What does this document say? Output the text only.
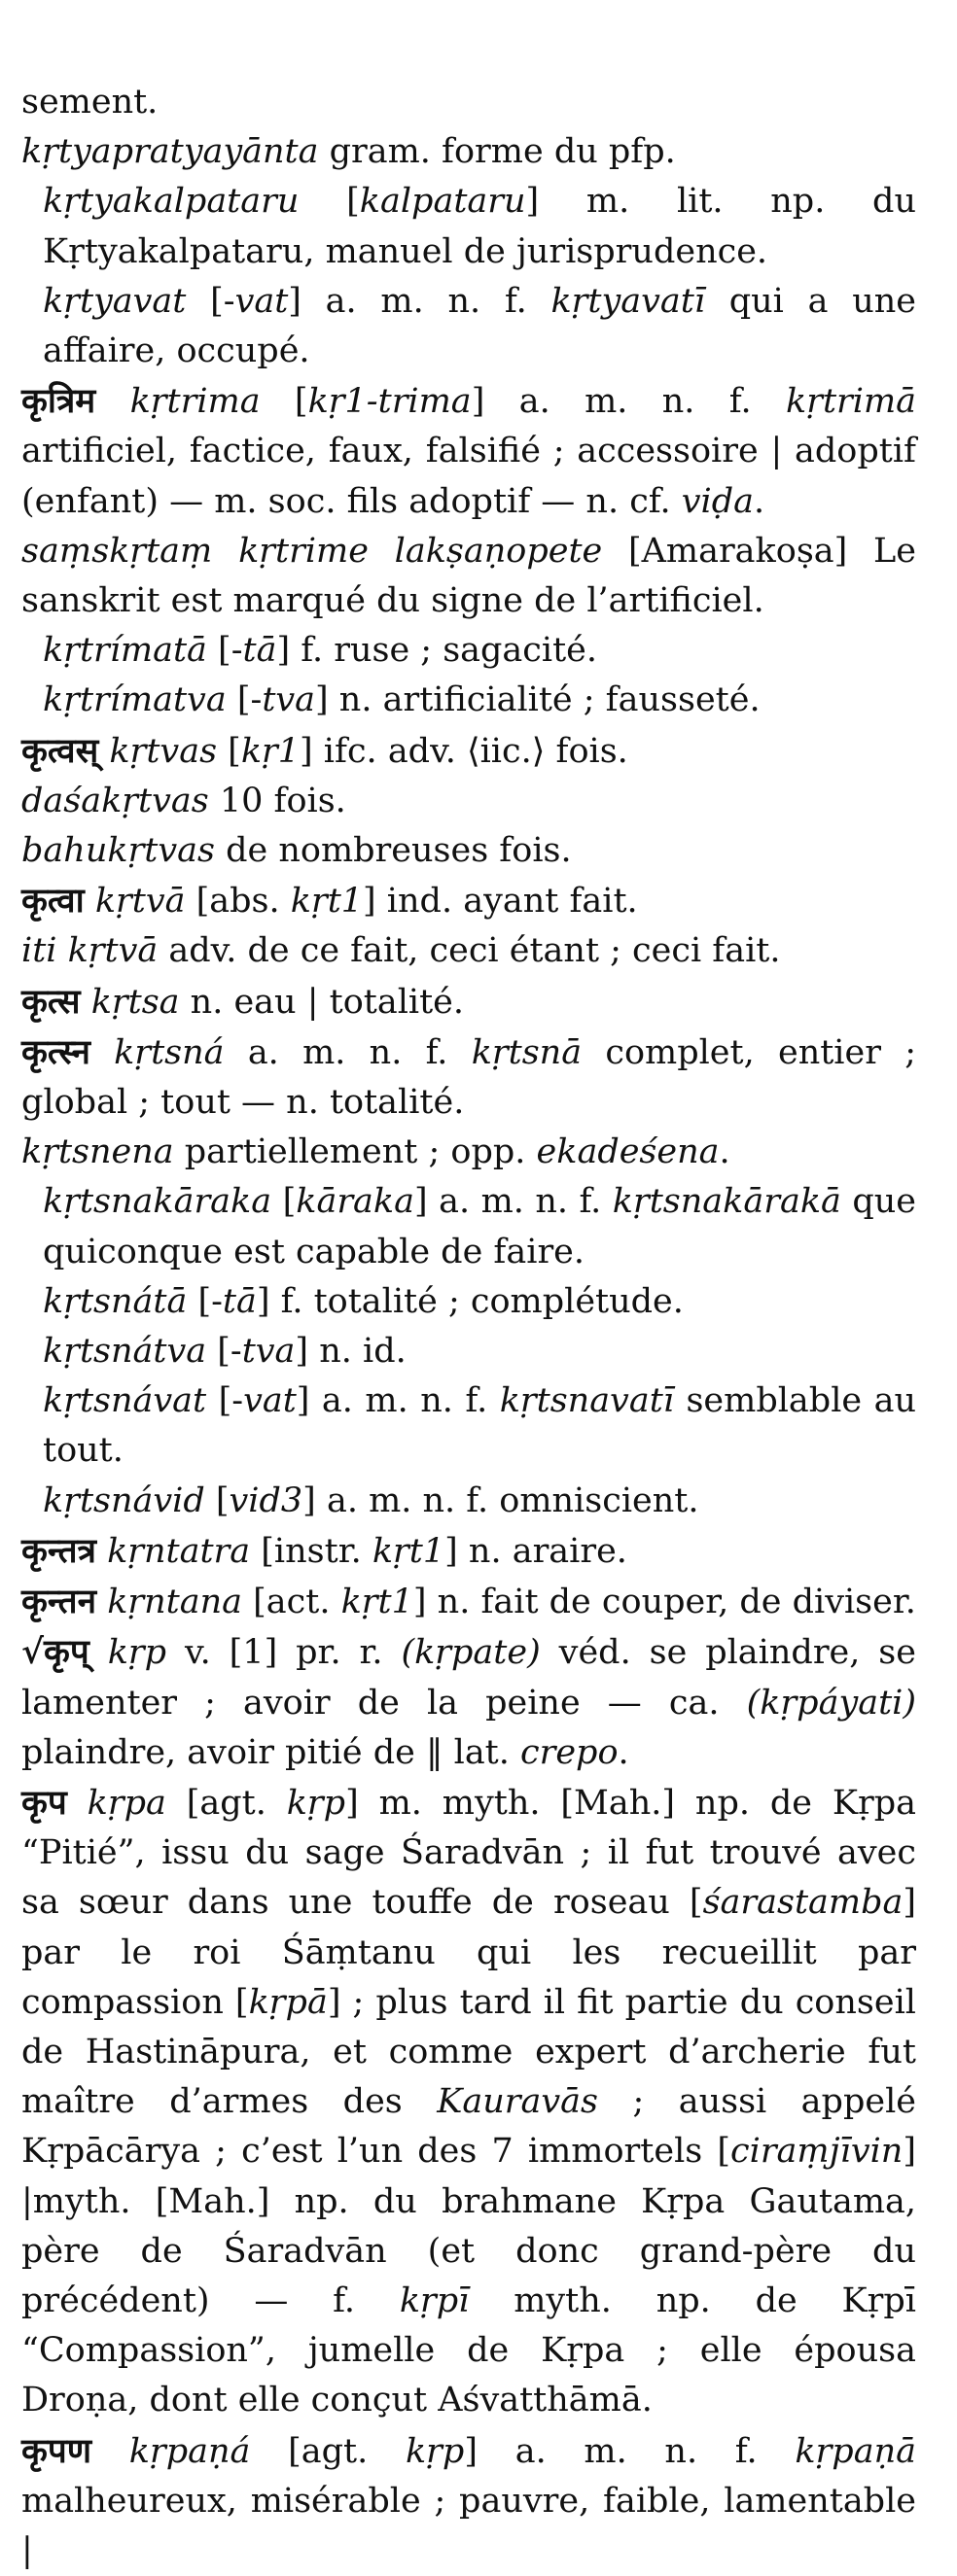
sement.

kṛtyapratyayānta gram. forme du pfp.

kṛtyakalpataru [kalpataru] m. lit. np. du Kṛtyakalpataru, manuel de jurisprudence.

kṛtyavat [-vat] a. m. n. f. kṛtyavatī qui a une affaire, occupé.

कृत्रिम kṛtrima [kṛ1-trima] a. m. n. f. kṛtrimā artificiel, factice, faux, falsifié ; accessoire | adoptif (enfant) — m. soc. fils adoptif — n. cf. viḍa.

saṃskṛtaṃ kṛtrime lakṣaṇopete [Amarakoṣa] Le sanskrit est marqué du signe de l’artificiel.

kṛtrímatā [-tā] f. ruse ; sagacité.

kṛtrímatva [-tva] n. artificialité ; fausseté.

कृत्वस् kṛtvas [kṛ1] ifc. adv. ⟨iic.⟩ fois.

daśakṛtvas 10 fois.

bahukṛtvas de nombreuses fois.

कृत्वा kṛtvā [abs. kṛt1] ind. ayant fait.

iti kṛtvā adv. de ce fait, ceci étant ; ceci fait.

कृत्स kṛtsa n. eau | totalité.

कृत्स्न kṛtsná a. m. n. f. kṛtsnā complet, entier ; global ; tout — n. totalité.

kṛtsnena partiellement ; opp. ekadeśena.

kṛtsnakāraka [kāraka] a. m. n. f. kṛtsnakārakā que quiconque est capable de faire.

kṛtsnátā [-tā] f. totalité ; complétude.

kṛtsnátva [-tva] n. id.

kṛtsnávat [-vat] a. m. n. f. kṛtsnavatī semblable au tout.

kṛtsnávid [vid3] a. m. n. f. omniscient.

कृन्तत्र kṛntatra [instr. kṛt1] n. araire.

कृन्तन kṛntana [act. kṛt1] n. fait de couper, de diviser.

√कृप् kṛp v. [1] pr. r. (kṛpate) véd. se plaindre, se lamenter ; avoir de la peine — ca. (kṛpáyati) plaindre, avoir pitié de ‖ lat. crepo.

कृप kṛpa [agt. kṛp] m. myth. [Mah.] np. de Kṛpa “Pitié”, issu du sage Śaradvān ; il fut trouvé avec sa sœur dans une touffe de roseau [śarastamba] par le roi Śāṃtanu qui les recueillit par compassion [kṛpā] ; plus tard il fit partie du conseil de Hastināpura, et comme expert d’archerie fut maître d’armes des Kauravās ; aussi appelé Kṛpācārya ; c’est l’un des 7 immortels [ciraṃjīvin] |myth. [Mah.] np. du brahmane Kṛpa Gautama, père de Śaradvān (et donc grand-père du précédent) — f. kṛpī myth. np. de Kṛpī “Compassion”, jumelle de Kṛpa ; elle épousa Droṇa, dont elle conçut Aśvatthāmā.

कृपण kṛpaṇá [agt. kṛp] a. m. n. f. kṛpaṇā malheureux, misérable ; pauvre, faible, lamentable |
